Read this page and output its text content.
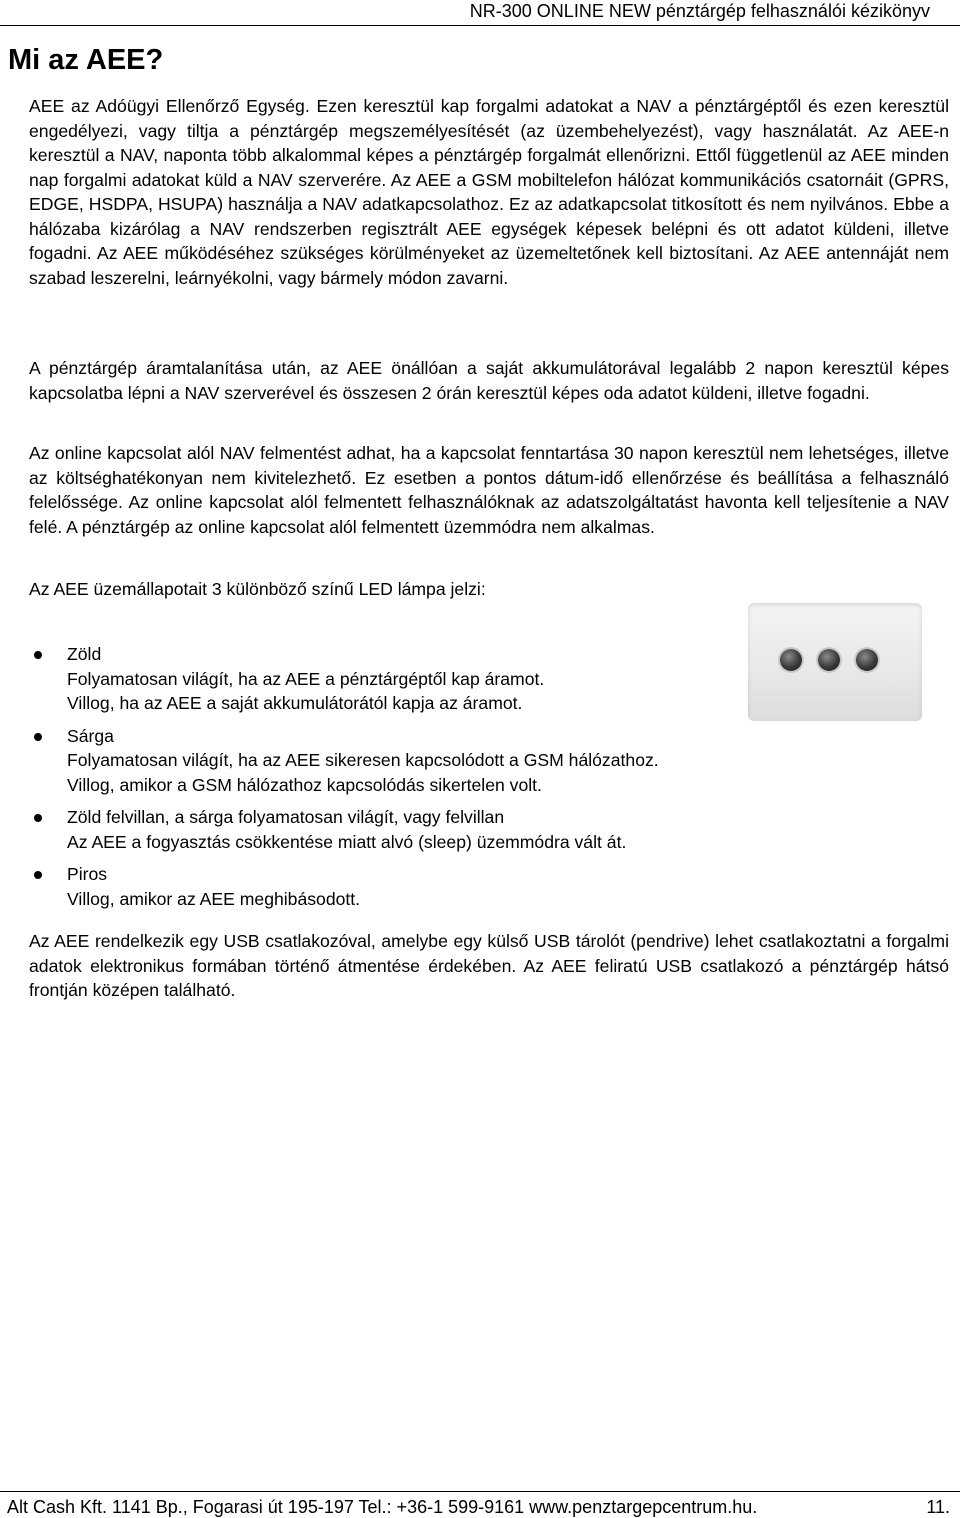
NR-300 ONLINE NEW pénztárgép felhasználói kézikönyv
Mi az AEE?

AEE az Adóügyi Ellenőrző Egység. Ezen keresztül kap forgalmi adatokat a NAV a pénztárgéptől és ezen keresztül engedélyezi, vagy tiltja a pénztárgép megszemélyesítését (az üzembehelyezést), vagy használatát. Az AEE-n keresztül a NAV, naponta több alkalommal képes a pénztárgép forgalmát ellenőrizni. Ettől függetlenül az AEE minden nap forgalmi adatokat küld a NAV szerverére. Az AEE a GSM mobiltelefon hálózat kommunikációs csatornáit (GPRS, EDGE, HSDPA, HSUPA) használja a NAV adatkapcsolathoz. Ez az adatkapcsolat titkosított és nem nyilvános. Ebbe a hálózaba kizárólag a NAV rendszerben regisztrált AEE egységek képesek belépni és ott adatot küldeni, illetve fogadni. Az AEE működéséhez szükséges körülményeket az üzemeltetőnek kell biztosítani. Az AEE antennáját nem szabad leszerelni, leárnyékolni, vagy bármely módon zavarni.

A pénztárgép áramtalanítása után, az AEE önállóan a saját akkumulátorával legalább 2 napon keresztül képes kapcsolatba lépni a NAV szerverével és összesen 2 órán keresztül képes oda adatot küldeni, illetve fogadni.

Az online kapcsolat alól NAV felmentést adhat, ha a kapcsolat fenntartása 30 napon keresztül nem lehetséges, illetve az költséghatékonyan nem kivitelezhető. Ez esetben a pontos dátum-idő ellenőrzése és beállítása a felhasználó felelőssége. Az online kapcsolat alól felmentett felhasználóknak az adatszolgáltatást havonta kell teljesítenie a NAV felé. A pénztárgép az online kapcsolat alól felmentett üzemmódra nem alkalmas.

Az AEE üzemállapotait 3 különböző színű LED lámpa jelzi:

Zöld
Folyamatosan világít, ha az AEE a pénztárgéptől kap áramot.
Villog, ha az AEE a saját akkumulátorától kapja az áramot.
Sárga
Folyamatosan világít, ha az AEE sikeresen kapcsolódott a GSM hálózathoz.
Villog, amikor a GSM hálózathoz kapcsolódás sikertelen volt.
Zöld felvillan, a sárga folyamatosan világít, vagy felvillan
Az AEE a fogyasztás csökkentése miatt alvó (sleep) üzemmódra vált át.
Piros
Villog, amikor az AEE meghibásodott.

Az AEE rendelkezik egy USB csatlakozóval, amelybe egy külső USB tárolót (pendrive) lehet csatlakoztatni a forgalmi adatok elektronikus formában történő átmentése érdekében. Az AEE feliratú USB csatlakozó a pénztárgép hátsó frontján középen található.

Alt Cash Kft. 1141 Bp., Fogarasi út 195-197 Tel.: +36-1 599-9161 www.penztargepcentrum.hu.	11.
